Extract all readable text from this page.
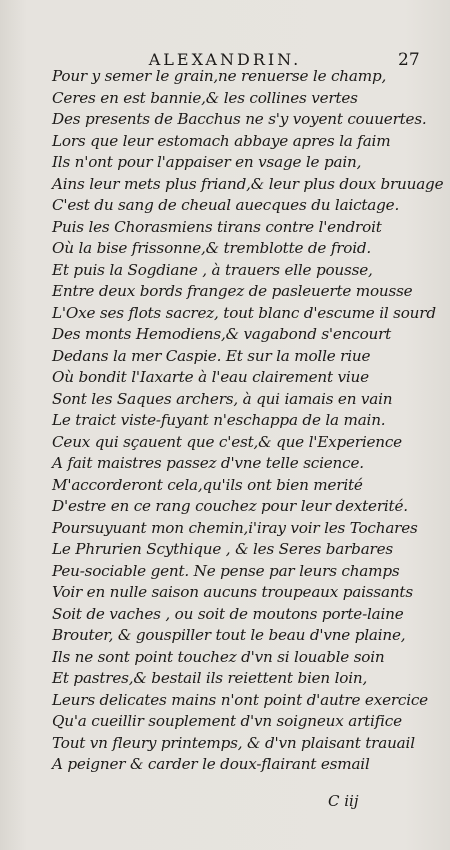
ALEXANDRIN.	27
Pour y semer le grain,ne renuerse le champ,
Ceres en est bannie,& les collines vertes
Des presents de Bacchus ne s'y voyent couuertes.
Lors que leur estomach abbaye apres la faim
Ils n'ont pour l'appaiser en vsage le pain,
Ains leur mets plus friand,& leur plus doux bruuage
C'est du sang de cheual auecques du laictage.
Puis les Chorasmiens tirans contre l'endroit
Où la bise frissonne,& tremblotte de froid.
Et puis la Sogdiane , à trauers elle pousse,
Entre deux bords frangez de pasleuerte mousse
L'Oxe ses flots sacrez, tout blanc d'escume il sourd
Des monts Hemodiens,& vagabond s'encourt
Dedans la mer Caspie. Et sur la molle riue
Où bondit l'Iaxarte à l'eau clairement viue
Sont les Saques archers, à qui iamais en vain
Le traict viste-fuyant n'eschappa de la main.
Ceux qui sçauent que c'est,& que l'Experience
A fait maistres passez d'vne telle science.
M'accorderont cela,qu'ils ont bien merité
D'estre en ce rang couchez pour leur dexterité.
Poursuyuant mon chemin,i'iray voir les Tochares
Le Phrurien Scythique , & les Seres barbares
Peu-sociable gent. Ne pense par leurs champs
Voir en nulle saison aucuns troupeaux paissants
Soit de vaches , ou soit de moutons porte-laine
Brouter, & gouspiller tout le beau d'vne plaine,
Ils ne sont point touchez d'vn si louable soin
Et pastres,& bestail ils reiettent bien loin,
Leurs delicates mains n'ont point d'autre exercice
Qu'a cueillir souplement d'vn soigneux artifice
Tout vn fleury printemps, & d'vn plaisant trauail
A peigner & carder le doux-flairant esmail
C iij
